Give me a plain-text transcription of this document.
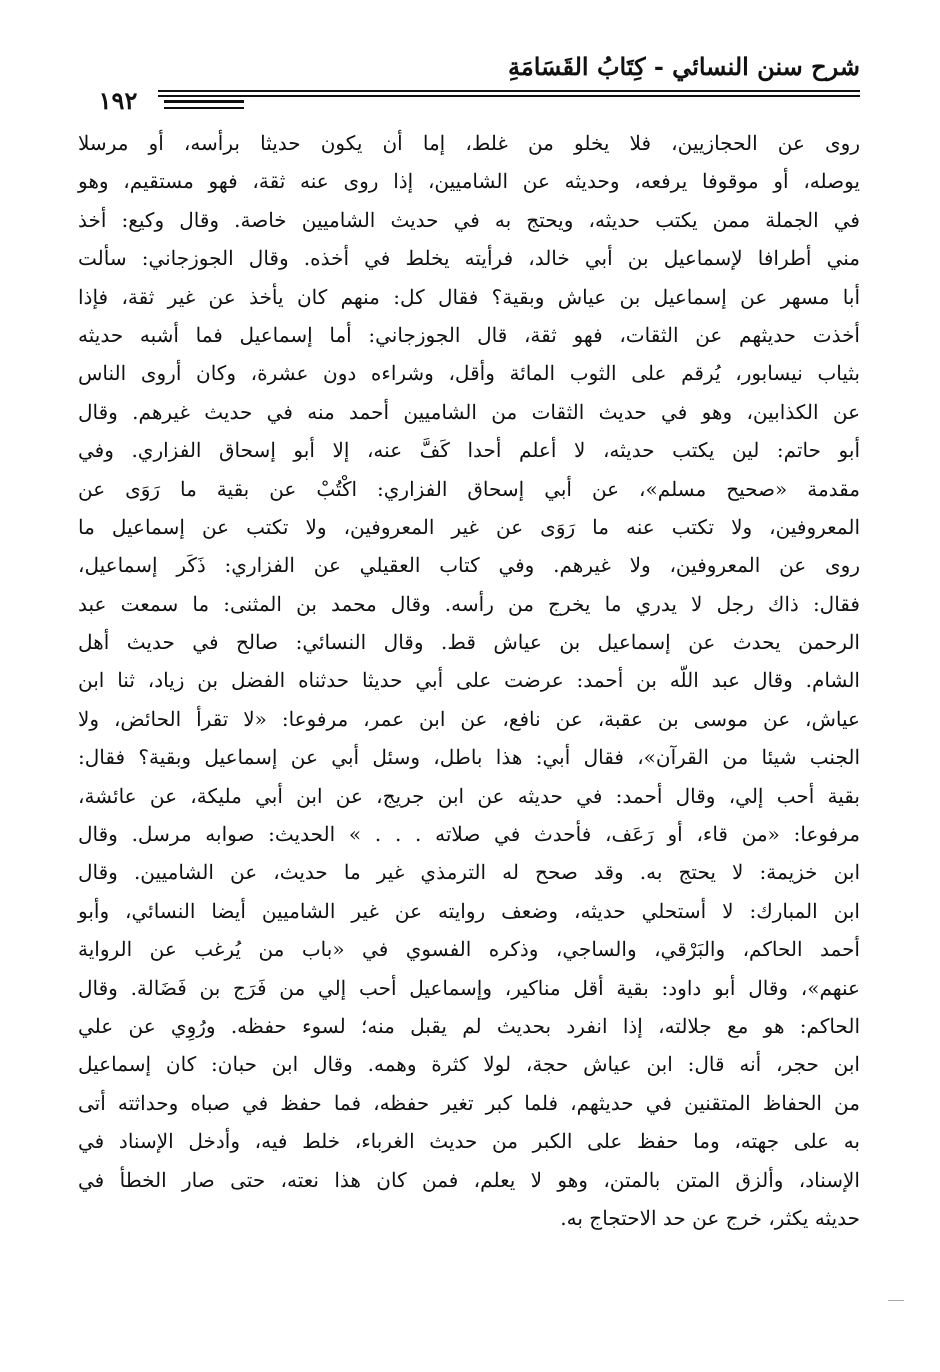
شرح سنن النسائي - كِتَابُ القَسَامَةِ
١٩٢
روى عن الحجازيين، فلا يخلو من غلط، إما أن يكون حديثا برأسه، أو مرسلا
يوصله، أو موقوفا يرفعه، وحديثه عن الشاميين، إذا روى عنه ثقة، فهو مستقيم، وهو
في الجملة ممن يكتب حديثه، ويحتج به في حديث الشاميين خاصة. وقال وكيع: أخذ
مني أطرافا لإسماعيل بن أبي خالد، فرأيته يخلط في أخذه. وقال الجوزجاني: سألت
أبا مسهر عن إسماعيل بن عياش وبقية؟ فقال كل: منهم كان يأخذ عن غير ثقة، فإذا
أخذت حديثهم عن الثقات، فهو ثقة، قال الجوزجاني: أما إسماعيل فما أشبه حديثه
بثياب نيسابور، يُرقم على الثوب المائة وأقل، وشراءه دون عشرة، وكان أروى الناس
عن الكذابين، وهو في حديث الثقات من الشاميين أحمد منه في حديث غيرهم. وقال
أبو حاتم: لين يكتب حديثه، لا أعلم أحدا كَفَّ عنه، إلا أبو إسحاق الفزاري. وفي
مقدمة «صحيح مسلم»، عن أبي إسحاق الفزاري: اكْتُبْ عن بقية ما رَوَى عن
المعروفين، ولا تكتب عنه ما رَوَى عن غير المعروفين، ولا تكتب عن إسماعيل ما
روى عن المعروفين، ولا غيرهم. وفي كتاب العقيلي عن الفزاري: ذَكَر إسماعيل،
فقال: ذاك رجل لا يدري ما يخرج من رأسه. وقال محمد بن المثنى: ما سمعت عبد
الرحمن يحدث عن إسماعيل بن عياش قط. وقال النسائي: صالح في حديث أهل
الشام. وقال عبد اللّه بن أحمد: عرضت على أبي حديثا حدثناه الفضل بن زياد، ثنا ابن
عياش، عن موسى بن عقبة، عن نافع، عن ابن عمر، مرفوعا: «لا تقرأ الحائض، ولا
الجنب شيئا من القرآن»، فقال أبي: هذا باطل، وسئل أبي عن إسماعيل وبقية؟ فقال:
بقية أحب إلي، وقال أحمد: في حديثه عن ابن جريج، عن ابن أبي مليكة، عن عائشة،
مرفوعا: «من قاء، أو رَعَف، فأحدث في صلاته . . . » الحديث: صوابه مرسل. وقال
ابن خزيمة: لا يحتج به. وقد صحح له الترمذي غير ما حديث، عن الشاميين. وقال
ابن المبارك: لا أستحلي حديثه، وضعف روايته عن غير الشاميين أيضا النسائي، وأبو
أحمد الحاكم، والبَرْقي، والساجي، وذكره الفسوي في «باب من يُرغب عن الرواية
عنهم»، وقال أبو داود: بقية أقل مناكير، وإسماعيل أحب إلي من فَرَج بن فَضَالة. وقال
الحاكم: هو مع جلالته، إذا انفرد بحديث لم يقبل منه؛ لسوء حفظه. ورُوِي عن علي
ابن حجر، أنه قال: ابن عياش حجة، لولا كثرة وهمه. وقال ابن حبان: كان إسماعيل
من الحفاظ المتقنين في حديثهم، فلما كبر تغير حفظه، فما حفظ في صباه وحداثته أتى
به على جهته، وما حفظ على الكبر من حديث الغرباء، خلط فيه، وأدخل الإسناد في
الإسناد، وألزق المتن بالمتن، وهو لا يعلم، فمن كان هذا نعته، حتى صار الخطأ في
حديثه يكثر، خرج عن حد الاحتجاج به.
